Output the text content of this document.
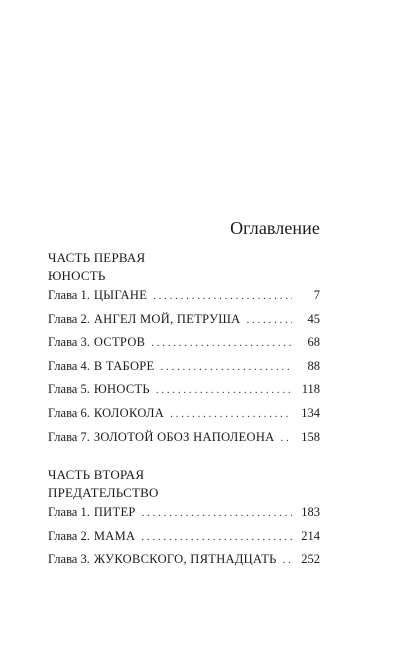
Оглавление
ЧАСТЬ ПЕРВАЯ
ЮНОСТЬ
Глава 1. ЦЫГАНЕ . . .	7
Глава 2. АНГЕЛ МОЙ, ПЕТРУША . . .	45
Глава 3. ОСТРОВ . . .	68
Глава 4. В ТАБОРЕ . . .	88
Глава 5. ЮНОСТЬ . . .	118
Глава 6. КОЛОКОЛА . . .	134
Глава 7. ЗОЛОТОЙ ОБОЗ НАПОЛЕОНА . . . 158
ЧАСТЬ ВТОРАЯ
ПРЕДАТЕЛЬСТВО
Глава 1. ПИТЕР . . .	183
Глава 2. МАМА . . .	214
Глава 3. ЖУКОВСКОГО, ПЯТНАДЦАТЬ . . . 252
